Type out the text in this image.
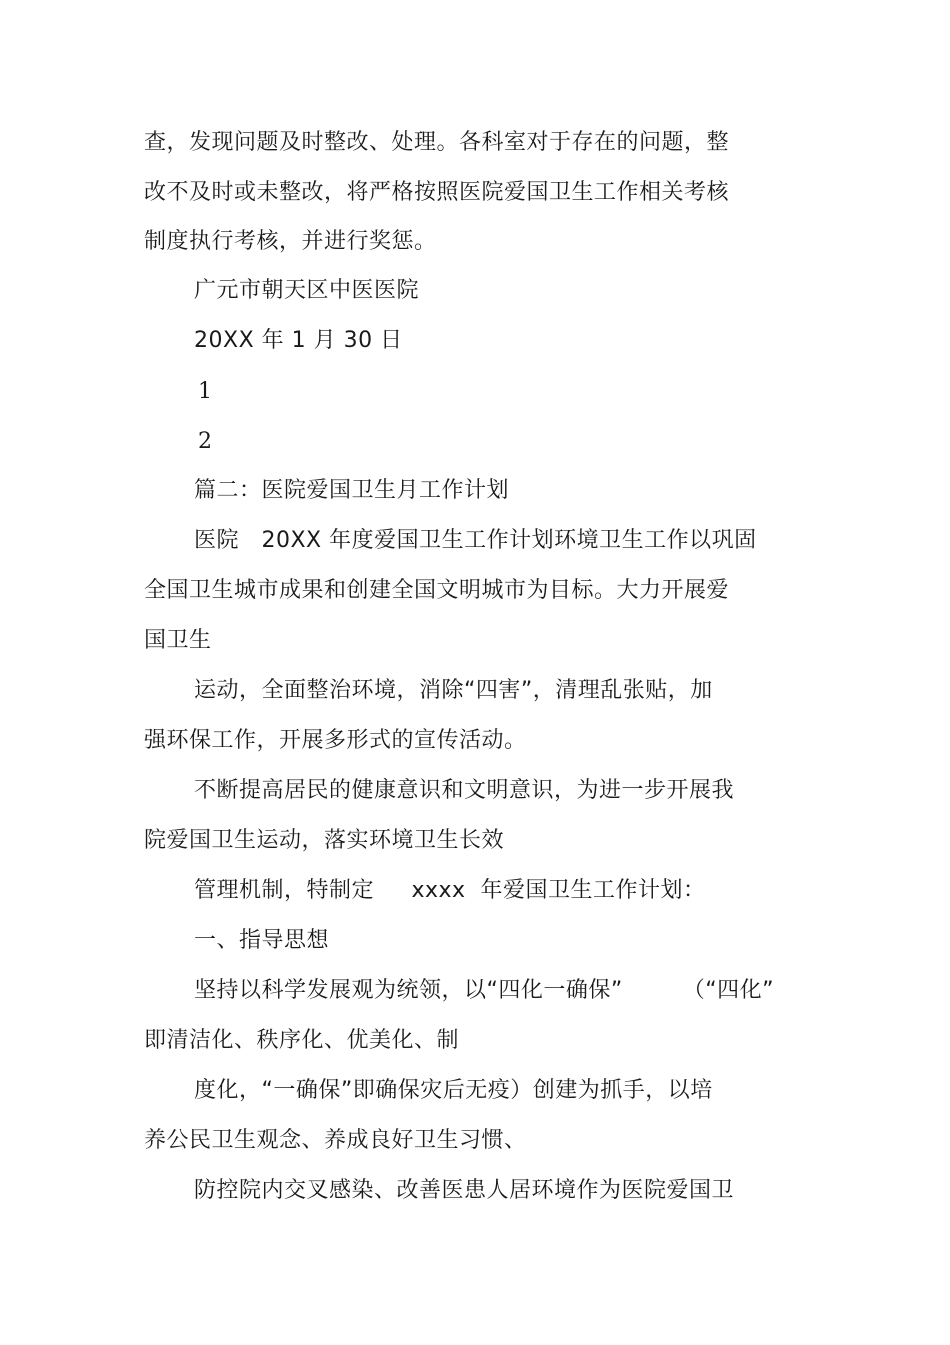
查，发现问题及时整改、处理。各科室对于存在的问题，整
改不及时或未整改，将严格按照医院爱国卫生工作相关考核
制度执行考核，并进行奖惩。
广元市朝天区中医医院
20XX 年 1 月 30 日
1
2
篇二：医院爱国卫生月工作计划
医院   20XX 年度爱国卫生工作计划环境卫生工作以巩固
全国卫生城市成果和创建全国文明城市为目标。大力开展爱
国卫生
运动，全面整治环境，消除“四害”，清理乱张贴，加
强环保工作，开展多形式的宣传活动。
不断提高居民的健康意识和文明意识，为进一步开展我
院爱国卫生运动，落实环境卫生长效
管理机制，特制定     xxxx  年爱国卫生工作计划：
一、指导思想
坚持以科学发展观为统领，以“四化一确保”        （“四化”
即清洁化、秩序化、优美化、制
度化，“一确保”即确保灾后无疫）创建为抓手，以培
养公民卫生观念、养成良好卫生习惯、
防控院内交叉感染、改善医患人居环境作为医院爱国卫
